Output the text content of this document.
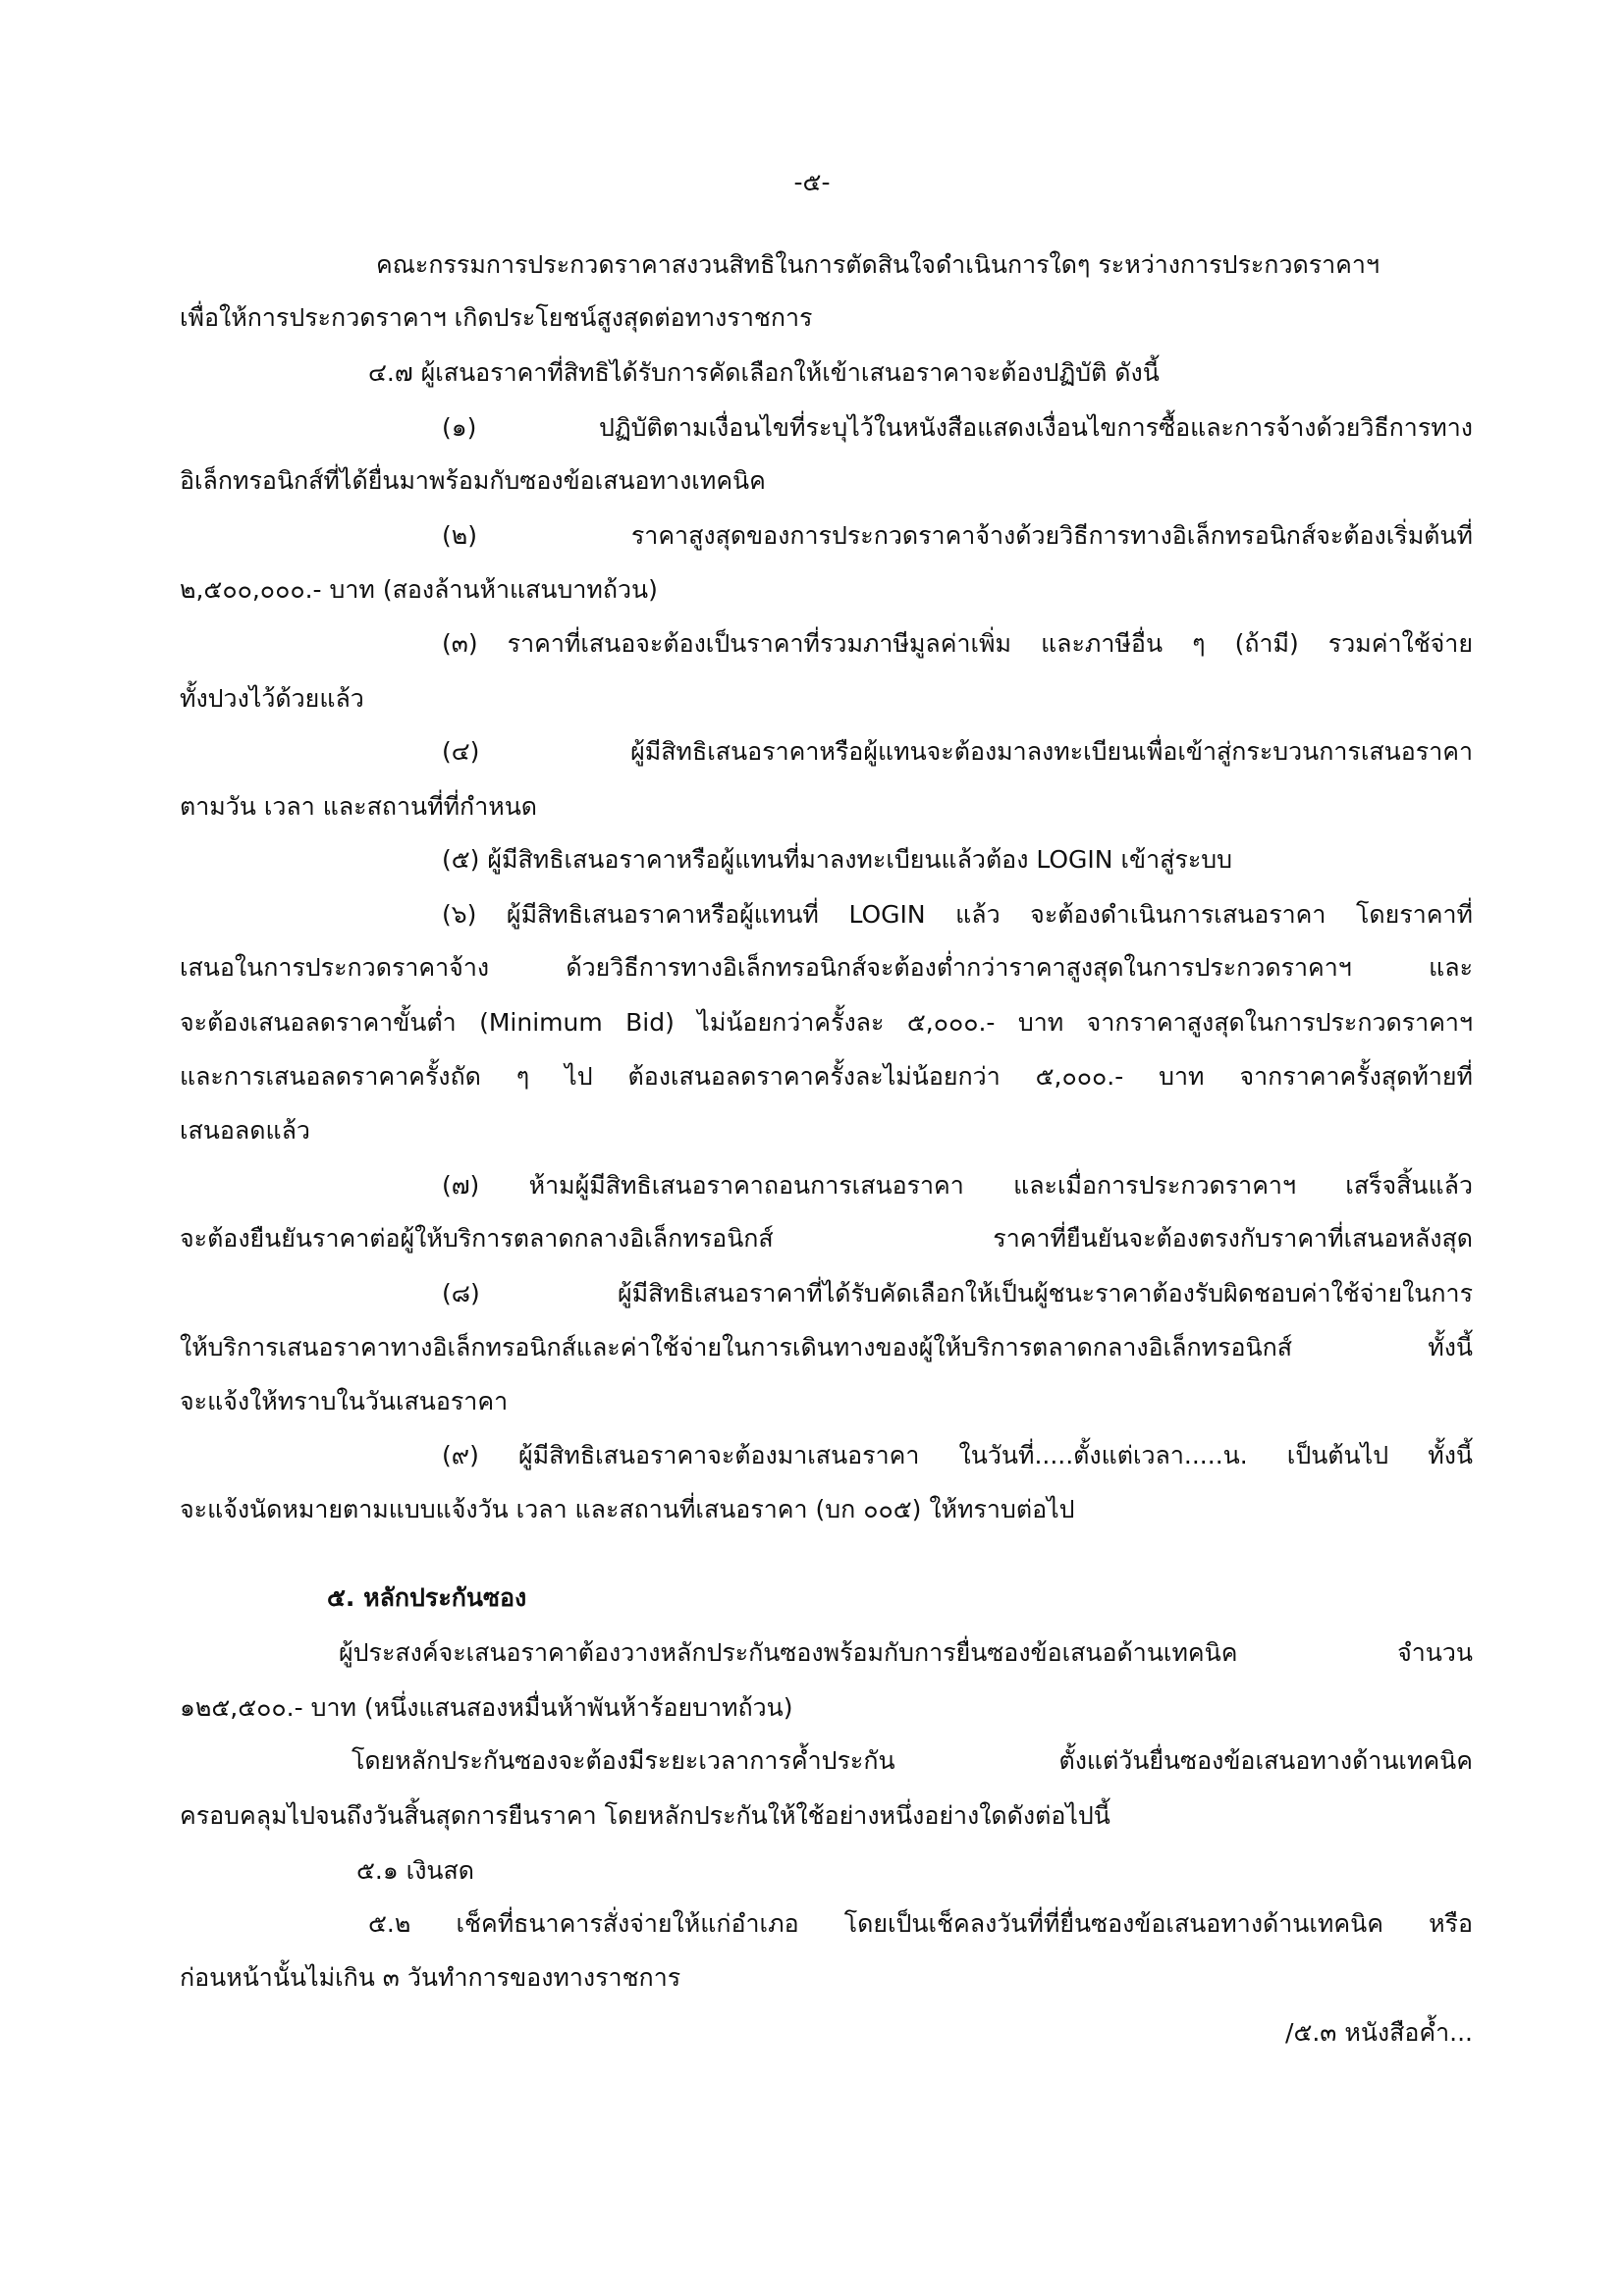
-๕-
คณะกรรมการประกวดราคาสงวนสิทธิในการตัดสินใจดำเนินการใดๆ ระหว่างการประกวดราคาฯ
เพื่อให้การประกวดราคาฯ เกิดประโยชน์สูงสุดต่อทางราชการ
๔.๗ ผู้เสนอราคาที่สิทธิได้รับการคัดเลือกให้เข้าเสนอราคาจะต้องปฏิบัติ ดังนี้
(๑) ปฏิบัติตามเงื่อนไขที่ระบุไว้ในหนังสือแสดงเงื่อนไขการซื้อและการจ้างด้วยวิธีการทาง
อิเล็กทรอนิกส์ที่ได้ยื่นมาพร้อมกับซองข้อเสนอทางเทคนิค
(๒) ราคาสูงสุดของการประกวดราคาจ้างด้วยวิธีการทางอิเล็กทรอนิกส์จะต้องเริ่มต้นที่
๒,๕๐๐,๐๐๐.- บาท (สองล้านห้าแสนบาทถ้วน)
(๓) ราคาที่เสนอจะต้องเป็นราคาที่รวมภาษีมูลค่าเพิ่ม และภาษีอื่น ๆ (ถ้ามี) รวมค่าใช้จ่าย
ทั้งปวงไว้ด้วยแล้ว
(๔) ผู้มีสิทธิเสนอราคาหรือผู้แทนจะต้องมาลงทะเบียนเพื่อเข้าสู่กระบวนการเสนอราคา
ตามวัน เวลา และสถานที่ที่กำหนด
(๕) ผู้มีสิทธิเสนอราคาหรือผู้แทนที่มาลงทะเบียนแล้วต้อง LOGIN เข้าสู่ระบบ
(๖) ผู้มีสิทธิเสนอราคาหรือผู้แทนที่ LOGIN แล้ว จะต้องดำเนินการเสนอราคา โดยราคาที่
เสนอในการประกวดราคาจ้าง ด้วยวิธีการทางอิเล็กทรอนิกส์จะต้องต่ำกว่าราคาสูงสุดในการประกวดราคาฯ และ
จะต้องเสนอลดราคาขั้นต่ำ (Minimum Bid) ไม่น้อยกว่าครั้งละ ๕,๐๐๐.- บาท จากราคาสูงสุดในการประกวดราคาฯ
และการเสนอลดราคาครั้งถัด ๆ ไป ต้องเสนอลดราคาครั้งละไม่น้อยกว่า ๕,๐๐๐.- บาท จากราคาครั้งสุดท้ายที่
เสนอลดแล้ว
(๗) ห้ามผู้มีสิทธิเสนอราคาถอนการเสนอราคา และเมื่อการประกวดราคาฯ เสร็จสิ้นแล้ว
จะต้องยืนยันราคาต่อผู้ให้บริการตลาดกลางอิเล็กทรอนิกส์ ราคาที่ยืนยันจะต้องตรงกับราคาที่เสนอหลังสุด
(๘) ผู้มีสิทธิเสนอราคาที่ได้รับคัดเลือกให้เป็นผู้ชนะราคาต้องรับผิดชอบค่าใช้จ่ายในการ
ให้บริการเสนอราคาทางอิเล็กทรอนิกส์และค่าใช้จ่ายในการเดินทางของผู้ให้บริการตลาดกลางอิเล็กทรอนิกส์ ทั้งนี้
จะแจ้งให้ทราบในวันเสนอราคา
(๙) ผู้มีสิทธิเสนอราคาจะต้องมาเสนอราคา ในวันที่.....ตั้งแต่เวลา.....น. เป็นต้นไป ทั้งนี้
จะแจ้งนัดหมายตามแบบแจ้งวัน เวลา และสถานที่เสนอราคา (บก ๐๐๕) ให้ทราบต่อไป
๕. หลักประกันซอง
ผู้ประสงค์จะเสนอราคาต้องวางหลักประกันซองพร้อมกับการยื่นซองข้อเสนอด้านเทคนิค จำนวน
๑๒๕,๕๐๐.- บาท (หนึ่งแสนสองหมื่นห้าพันห้าร้อยบาทถ้วน)
โดยหลักประกันซองจะต้องมีระยะเวลาการค้ำประกัน ตั้งแต่วันยื่นซองข้อเสนอทางด้านเทคนิค
ครอบคลุมไปจนถึงวันสิ้นสุดการยืนราคา โดยหลักประกันให้ใช้อย่างหนึ่งอย่างใดดังต่อไปนี้
๕.๑ เงินสด
๕.๒ เช็คที่ธนาคารสั่งจ่ายให้แก่อำเภอ โดยเป็นเช็คลงวันที่ที่ยื่นซองข้อเสนอทางด้านเทคนิค หรือ
ก่อนหน้านั้นไม่เกิน ๓ วันทำการของทางราชการ
/๕.๓ หนังสือค้ำ...
